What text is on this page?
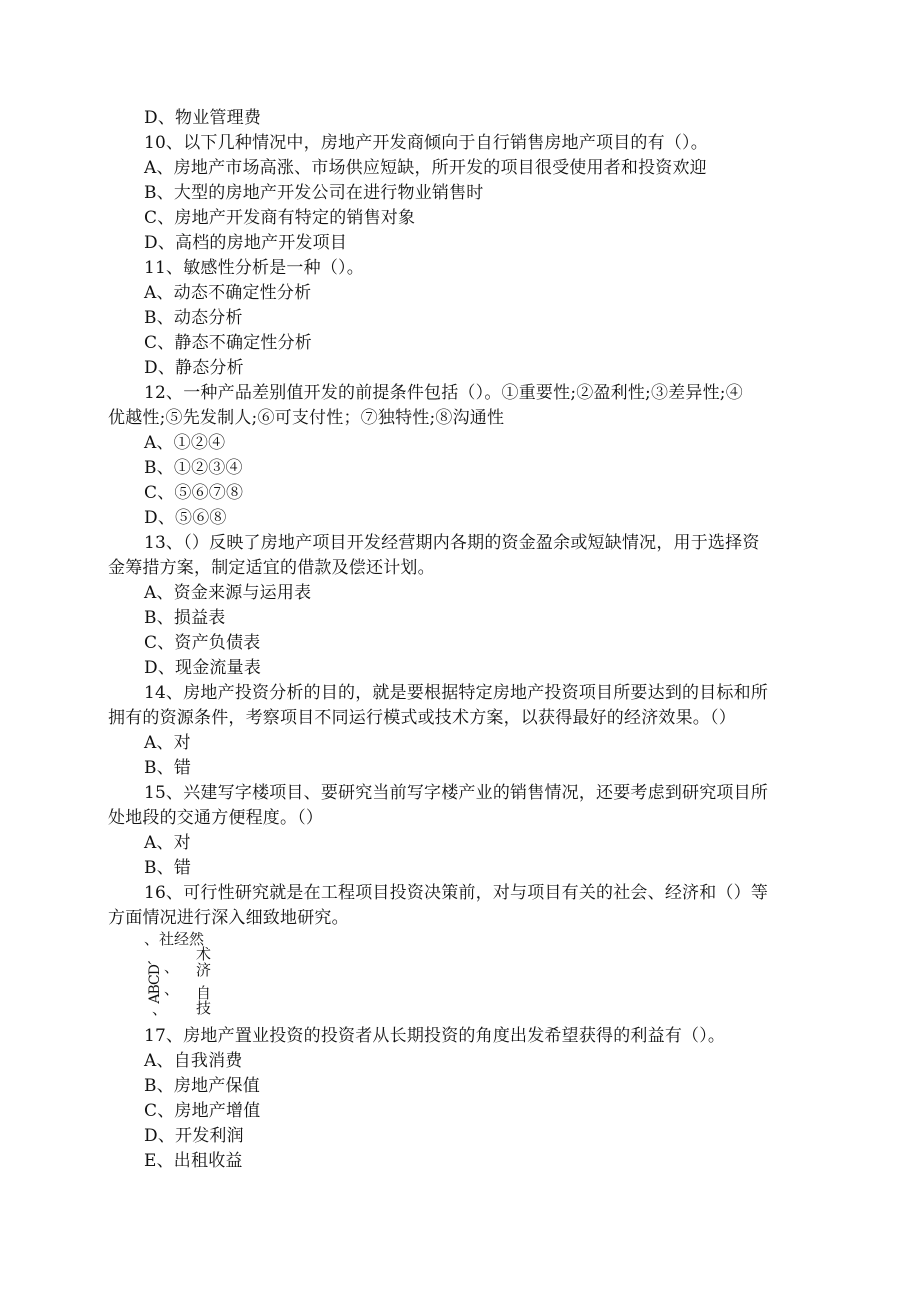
D、物业管理费
10、以下几种情况中，房地产开发商倾向于自行销售房地产项目的有（）。
A、房地产市场高涨、市场供应短缺，所开发的项目很受使用者和投资欢迎
B、大型的房地产开发公司在进行物业销售时
C、房地产开发商有特定的销售对象
D、高档的房地产开发项目
11、敏感性分析是一种（）。
A、动态不确定性分析
B、动态分析
C、静态不确定性分析
D、静态分析
12、一种产品差别值开发的前提条件包括（）。①重要性;②盈利性;③差异性;④
优越性;⑤先发制人;⑥可支付性；⑦独特性;⑧沟通性
A、①②④
B、①②③④
C、⑤⑥⑦⑧
D、⑤⑥⑧
13、（）反映了房地产项目开发经营期内各期的资金盈余或短缺情况，用于选择资
金筹措方案，制定适宜的借款及偿还计划。
A、资金来源与运用表
B、损益表
C、资产负债表
D、现金流量表
14、房地产投资分析的目的，就是要根据特定房地产投资项目所要达到的目标和所
拥有的资源条件，考察项目不同运行模式或技术方案，以获得最好的经济效果。（）
A、对
B、错
15、兴建写字楼项目、要研究当前写字楼产业的销售情况，还要考虑到研究项目所
处地段的交通方便程度。（）
A、对
B、错
16、可行性研究就是在工程项目投资决策前，对与项目有关的社会、经济和（）等
方面情况进行深入细致地研究。
、社经然
术
济
自
技
ABCD、 、
、
、
17、房地产置业投资的投资者从长期投资的角度出发希望获得的利益有（）。
A、自我消费
B、房地产保值
C、房地产增值
D、开发利润
E、出租收益
